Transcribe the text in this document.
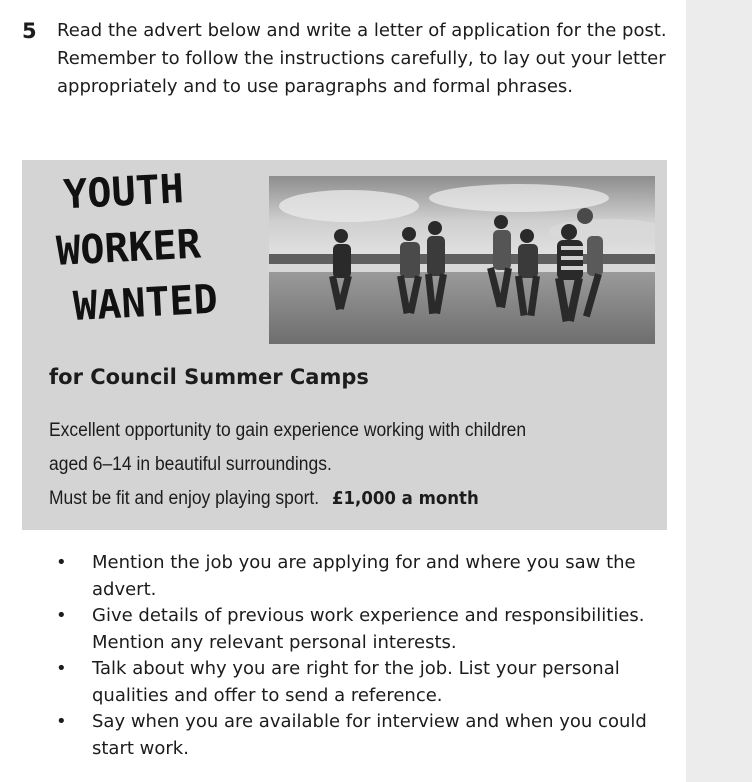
5 Read the advert below and write a letter of application for the post. Remember to follow the instructions carefully, to lay out your letter appropriately and to use paragraphs and formal phrases.

YOUTH
WORKER
WANTED
for Council Summer Camps
Excellent opportunity to gain experience working with children
aged 6–14 in beautiful surroundings.
Must be fit and enjoy playing sport. £1,000 a month
• Mention the job you are applying for and where you saw the advert.
• Give details of previous work experience and responsibilities. Mention any relevant personal interests.
• Talk about why you are right for the job. List your personal qualities and offer to send a reference.
• Say when you are available for interview and when you could start work.
